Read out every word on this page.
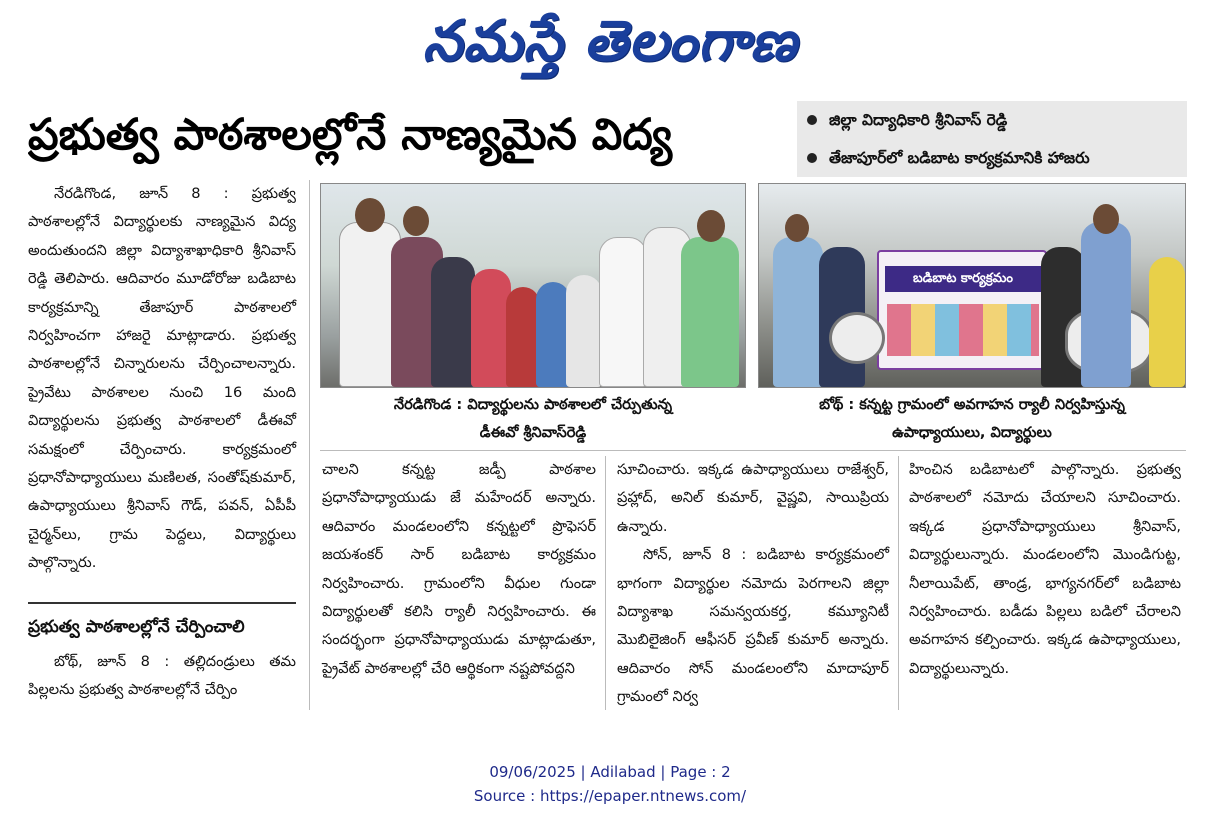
నమస్తే తెలంగాణ
ప్రభుత్వ పాఠశాలల్లోనే నాణ్యమైన విద్య	జిల్లా విద్యాధికారి శ్రీనివాస్ రెడ్డి
తేజాపూర్‌లో బడిబాట కార్యక్రమానికి హాజరు

నేరడిగొండ, జూన్ 8 : ప్రభుత్వ పాఠశాలల్లోనే విద్యార్థులకు నాణ్యమైన విద్య అందుతుందని జిల్లా విద్యాశాఖాధికారి శ్రీనివాస్ రెడ్డి తెలిపారు. ఆదివారం మూడోరోజు బడిబాట కార్యక్రమాన్ని తేజాపూర్ పాఠశాలలో నిర్వహించగా హాజరై మాట్లాడారు. ప్రభుత్వ పాఠశాలల్లోనే చిన్నారులను చేర్పించాలన్నారు. ప్రైవేటు పాఠశాలల నుంచి 16 మంది విద్యార్థులను ప్రభుత్వ పాఠశాలలో డీఈవో సమక్షంలో చేర్పించారు. కార్యక్రమంలో ప్రధానోపాధ్యాయులు మణిలత, సంతోష్‌కుమార్, ఉపాధ్యాయులు శ్రీనివాస్ గౌడ్, పవన్, ఏపీపీ చైర్మన్‌లు, గ్రామ పెద్దలు, విద్యార్థులు పాల్గొన్నారు.

ప్రభుత్వ పాఠశాలల్లోనే చేర్పించాలి

బోథ్, జూన్ 8 : తల్లిదండ్రులు తమ పిల్లలను ప్రభుత్వ పాఠశాలల్లోనే చేర్పిం

బడిబాట కార్యక్రమం
నేరడిగొండ : విద్యార్థులను పాఠశాలలో చేర్పుతున్న
డీఈవో శ్రీనివాస్‌రెడ్డి
బోథ్ : కన్నట్ట గ్రామంలో అవగాహన ర్యాలీ నిర్వహిస్తున్న
ఉపాధ్యాయులు, విద్యార్థులు

చాలని కన్నట్ట జడ్పీ పాఠశాల ప్రధానోపాధ్యాయుడు జే మహేందర్ అన్నారు. ఆదివారం మండలంలోని కన్నట్టలో ప్రొఫెసర్ జయశంకర్ సార్ బడిబాట కార్యక్రమం నిర్వహించారు. గ్రామంలోని వీధుల గుండా విద్యార్థులతో కలిసి ర్యాలీ నిర్వహించారు. ఈ సందర్భంగా ప్రధానోపాధ్యాయుడు మాట్లాడుతూ, ప్రైవేట్ పాఠశాలల్లో చేరి ఆర్థికంగా నష్టపోవద్దని

సూచించారు. ఇక్కడ ఉపాధ్యాయులు రాజేశ్వర్, ప్రహ్లాద్, అనిల్ కుమార్, వైష్ణవి, సాయిప్రియ ఉన్నారు.

సోన్, జూన్ 8 : బడిబాట కార్యక్రమంలో భాగంగా విద్యార్థుల నమోదు పెరగాలని జిల్లా విద్యాశాఖ సమన్వయకర్త, కమ్యూనిటీ మొబిలైజింగ్ ఆఫీసర్ ప్రవీణ్ కుమార్ అన్నారు. ఆదివారం సోన్ మండలంలోని మాదాపూర్ గ్రామంలో నిర్వ

హించిన బడిబాటలో పాల్గొన్నారు. ప్రభుత్వ పాఠశాలలో నమోదు చేయాలని సూచించారు. ఇక్కడ ప్రధానోపాధ్యాయులు శ్రీనివాస్, విద్యార్థులున్నారు. మండలంలోని మొండిగుట్ట, నీలాయిపేట్, తాండ్ర, భాగ్యనగర్‌లో బడిబాట నిర్వహించారు. బడీడు పిల్లలు బడిలో చేరాలని అవగాహన కల్పించారు. ఇక్కడ ఉపాధ్యాయులు, విద్యార్థులున్నారు.

09/06/2025 | Adilabad | Page : 2
Source : https://epaper.ntnews.com/
